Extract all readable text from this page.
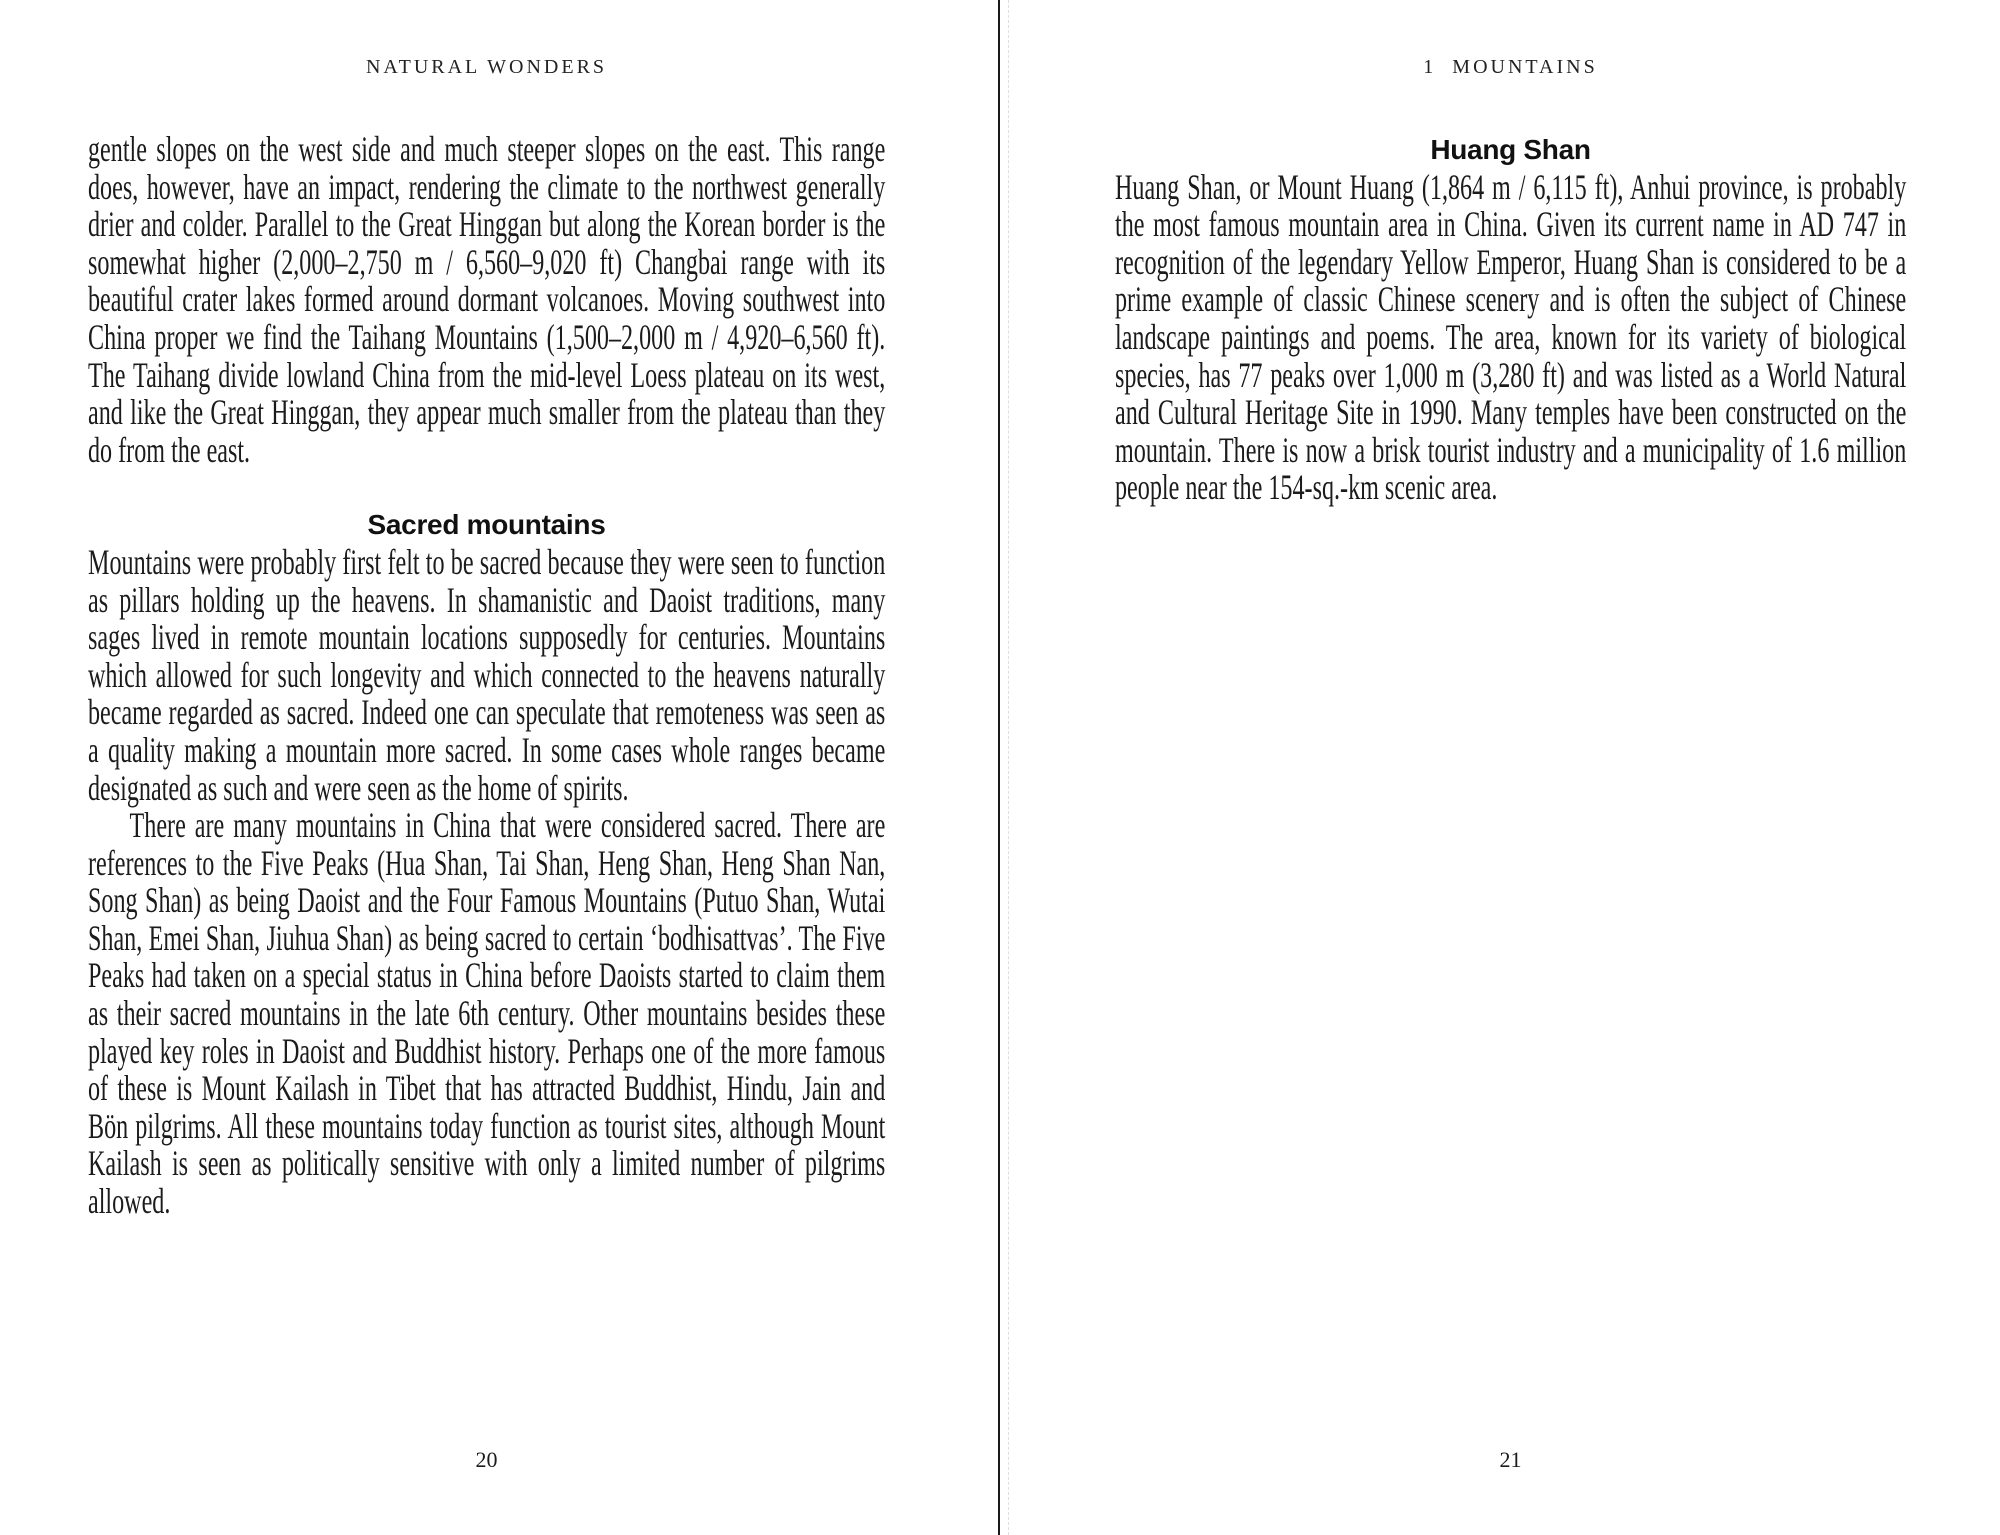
NATURAL WONDERS
gentle slopes on the west side and much steeper slopes on the east. This range does, however, have an impact, rendering the climate to the northwest generally drier and colder. Parallel to the Great Hinggan but along the Korean border is the somewhat higher (2,000–2,750 m / 6,560–9,020 ft) Changbai range with its beautiful crater lakes formed around dormant volcanoes. Moving southwest into China proper we find the Taihang Mountains (1,500–2,000 m / 4,920–6,560 ft). The Taihang divide lowland China from the mid-level Loess plateau on its west, and like the Great Hinggan, they appear much smaller from the plateau than they do from the east.
Sacred mountains
Mountains were probably first felt to be sacred because they were seen to function as pillars holding up the heavens. In shamanistic and Daoist traditions, many sages lived in remote mountain locations supposedly for centuries. Mountains which allowed for such longevity and which connected to the heavens naturally became regarded as sacred. Indeed one can speculate that remoteness was seen as a quality making a mountain more sacred. In some cases whole ranges became designated as such and were seen as the home of spirits.
There are many mountains in China that were considered sacred. There are references to the Five Peaks (Hua Shan, Tai Shan, Heng Shan, Heng Shan Nan, Song Shan) as being Daoist and the Four Famous Mountains (Putuo Shan, Wutai Shan, Emei Shan, Jiuhua Shan) as being sacred to certain ‘bodhisattvas’. The Five Peaks had taken on a special status in China before Daoists started to claim them as their sacred mountains in the late 6th century. Other mountains besides these played key roles in Daoist and Buddhist history. Perhaps one of the more famous of these is Mount Kailash in Tibet that has attracted Buddhist, Hindu, Jain and Bön pilgrims. All these mountains today function as tourist sites, although Mount Kailash is seen as politically sensitive with only a limited number of pilgrims allowed.
20
1  MOUNTAINS
Huang Shan
Huang Shan, or Mount Huang (1,864 m / 6,115 ft), Anhui province, is probably the most famous mountain area in China. Given its current name in AD 747 in recognition of the legendary Yellow Emperor, Huang Shan is considered to be a prime example of classic Chinese scenery and is often the subject of Chinese landscape paintings and poems. The area, known for its variety of biological species, has 77 peaks over 1,000 m (3,280 ft) and was listed as a World Natural and Cultural Heritage Site in 1990. Many temples have been constructed on the mountain. There is now a brisk tourist industry and a municipality of 1.6 million people near the 154-sq.-km scenic area.
21
